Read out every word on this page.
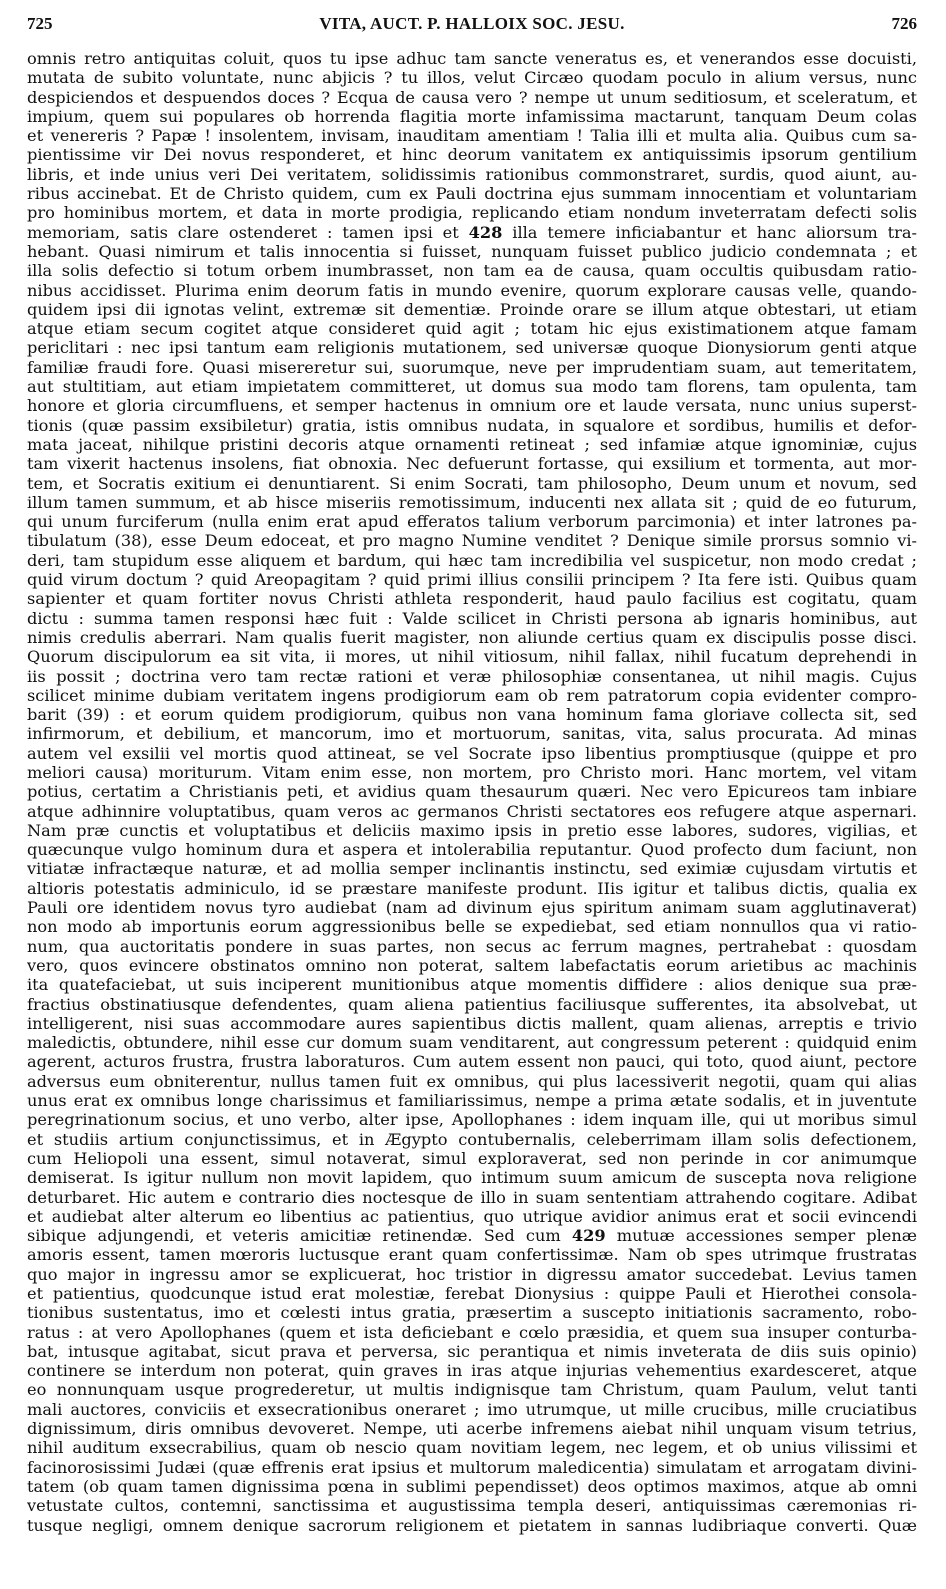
725	VITA, AUCT. P. HALLOIX SOC. JESU.	726
omnis retro antiquitas coluit, quos tu ipse adhuc tam sancte veneratus es, et venerandos esse docuisti,
mutata de subito voluntate, nunc abjicis ? tu illos, velut Circæo quodam poculo in alium versus, nunc
despiciendos et despuendos doces ? Ecqua de causa vero ? nempe ut unum seditiosum, et sceleratum, et
impium, quem sui populares ob horrenda flagitia morte infamissima mactarunt, tanquam Deum colas
et venereris ? Papæ ! insolentem, invisam, inauditam amentiam ! Talia illi et multa alia. Quibus cum sa-
pientissime vir Dei novus responderet, et hinc deorum vanitatem ex antiquissimis ipsorum gentilium
libris, et inde unius veri Dei veritatem, solidissimis rationibus commonstraret, surdis, quod aiunt, au-
ribus accinebat. Et de Christo quidem, cum ex Pauli doctrina ejus summam innocentiam et voluntariam
pro hominibus mortem, et data in morte prodigia, replicando etiam nondum inveterratam defecti solis
memoriam, satis clare ostenderet : tamen ipsi et 428 illa temere inficiabantur et hanc aliorsum tra-
hebant. Quasi nimirum et talis innocentia si fuisset, nunquam fuisset publico judicio condemnata ; et
illa solis defectio si totum orbem inumbrasset, non tam ea de causa, quam occultis quibusdam ratio-
nibus accidisset. Plurima enim deorum fatis in mundo evenire, quorum explorare causas velle, quando-
quidem ipsi dii ignotas velint, extremæ sit dementiæ. Proinde orare se illum atque obtestari, ut etiam
atque etiam secum cogitet atque consideret quid agit ; totam hic ejus existimationem atque famam
periclitari : nec ipsi tantum eam religionis mutationem, sed universæ quoque Dionysiorum genti atque
familiæ fraudi fore. Quasi misereretur sui, suorumque, neve per imprudentiam suam, aut temeritatem,
aut stultitiam, aut etiam impietatem committeret, ut domus sua modo tam florens, tam opulenta, tam
honore et gloria circumfluens, et semper hactenus in omnium ore et laude versata, nunc unius superst-
tionis (quæ passim exsibiletur) gratia, istis omnibus nudata, in squalore et sordibus, humilis et defor-
mata jaceat, nihilque pristini decoris atque ornamenti retineat ; sed infamiæ atque ignominiæ, cujus
tam vixerit hactenus insolens, fiat obnoxia. Nec defuerunt fortasse, qui exsilium et tormenta, aut mor-
tem, et Socratis exitium ei denuntiarent. Si enim Socrati, tam philosopho, Deum unum et novum, sed
illum tamen summum, et ab hisce miseriis remotissimum, inducenti nex allata sit ; quid de eo futurum,
qui unum furciferum (nulla enim erat apud efferatos talium verborum parcimonia) et inter latrones pa-
tibulatum (38), esse Deum edoceat, et pro magno Numine venditet ? Denique simile prorsus somnio vi-
deri, tam stupidum esse aliquem et bardum, qui hæc tam incredibilia vel suspicetur, non modo credat ;
quid virum doctum ? quid Areopagitam ? quid primi illius consilii principem ? Ita fere isti. Quibus quam
sapienter et quam fortiter novus Christi athleta responderit, haud paulo facilius est cogitatu, quam
dictu : summa tamen responsi hæc fuit : Valde scilicet in Christi persona ab ignaris hominibus, aut
nimis credulis aberrari. Nam qualis fuerit magister, non aliunde certius quam ex discipulis posse disci.
Quorum discipulorum ea sit vita, ii mores, ut nihil vitiosum, nihil fallax, nihil fucatum deprehendi in
iis possit ; doctrina vero tam rectæ rationi et veræ philosophiæ consentanea, ut nihil magis. Cujus
scilicet minime dubiam veritatem ingens prodigiorum eam ob rem patratorum copia evidenter compro-
barit (39) : et eorum quidem prodigiorum, quibus non vana hominum fama gloriave collecta sit, sed
infirmorum, et debilium, et mancorum, imo et mortuorum, sanitas, vita, salus procurata. Ad minas
autem vel exsilii vel mortis quod attineat, se vel Socrate ipso libentius promptiusque (quippe et pro
meliori causa) moriturum. Vitam enim esse, non mortem, pro Christo mori. Hanc mortem, vel vitam
potius, certatim a Christianis peti, et avidius quam thesaurum quæri. Nec vero Epicureos tam inbiare
atque adhinnire voluptatibus, quam veros ac germanos Christi sectatores eos refugere atque aspernari.
Nam præ cunctis et voluptatibus et deliciis maximo ipsis in pretio esse labores, sudores, vigilias, et
quæcunque vulgo hominum dura et aspera et intolerabilia reputantur. Quod profecto dum faciunt, non
vitiatæ infractæque naturæ, et ad mollia semper inclinantis instinctu, sed eximiæ cujusdam virtutis et
altioris potestatis adminiculo, id se præstare manifeste produnt. IIis igitur et talibus dictis, qualia ex
Pauli ore identidem novus tyro audiebat (nam ad divinum ejus spiritum animam suam agglutinaverat)
non modo ab importunis eorum aggressionibus belle se expediebat, sed etiam nonnullos qua vi ratio-
num, qua auctoritatis pondere in suas partes, non secus ac ferrum magnes, pertrahebat : quosdam
vero, quos evincere obstinatos omnino non poterat, saltem labefactatis eorum arietibus ac machinis
ita quatefaciebat, ut suis inciperent munitionibus atque momentis diffidere : alios denique sua præ-
fractius obstinatiusque defendentes, quam aliena patientius faciliusque sufferentes, ita absolvebat, ut
intelligerent, nisi suas accommodare aures sapientibus dictis mallent, quam alienas, arreptis e trivio
maledictis, obtundere, nihil esse cur domum suam venditarent, aut congressum peterent : quidquid enim
agerent, acturos frustra, frustra laboraturos. Cum autem essent non pauci, qui toto, quod aiunt, pectore
adversus eum obniterentur, nullus tamen fuit ex omnibus, qui plus lacessiverit negotii, quam qui alias
unus erat ex omnibus longe charissimus et familiarissimus, nempe a prima ætate sodalis, et in juventute
peregrinationum socius, et uno verbo, alter ipse, Apollophanes : idem inquam ille, qui ut moribus simul
et studiis artium conjunctissimus, et in Ægypto contubernalis, celeberrimam illam solis defectionem,
cum Heliopoli una essent, simul notaverat, simul exploraverat, sed non perinde in cor animumque
demiserat. Is igitur nullum non movit lapidem, quo intimum suum amicum de suscepta nova religione
deturbaret. Hic autem e contrario dies noctesque de illo in suam sententiam attrahendo cogitare. Adibat
et audiebat alter alterum eo libentius ac patientius, quo utrique avidior animus erat et socii evincendi
sibique adjungendi, et veteris amicitiæ retinendæ. Sed cum 429 mutuæ accessiones semper plenæ
amoris essent, tamen mœroris luctusque erant quam confertissimæ. Nam ob spes utrimque frustratas
quo major in ingressu amor se explicuerat, hoc tristior in digressu amator succedebat. Levius tamen
et patientius, quodcunque istud erat molestiæ, ferebat Dionysius : quippe Pauli et Hierothei consola-
tionibus sustentatus, imo et cœlesti intus gratia, præsertim a suscepto initiationis sacramento, robo-
ratus : at vero Apollophanes (quem et ista deficiebant e cœlo præsidia, et quem sua insuper conturba-
bat, intusque agitabat, sicut prava et perversa, sic perantiqua et nimis inveterata de diis suis opinio)
continere se interdum non poterat, quin graves in iras atque injurias vehementius exardesceret, atque
eo nonnunquam usque progrederetur, ut multis indignisque tam Christum, quam Paulum, velut tanti
mali auctores, conviciis et exsecrationibus oneraret ; imo utrumque, ut mille crucibus, mille cruciatibus
dignissimum, diris omnibus devoveret. Nempe, uti acerbe infremens aiebat nihil unquam visum tetrius,
nihil auditum exsecrabilius, quam ob nescio quam novitiam legem, nec legem, et ob unius vilissimi et
facinorosissimi Judæi (quæ effrenis erat ipsius et multorum maledicentia) simulatam et arrogatam divini-
tatem (ob quam tamen dignissima pœna in sublimi pependisset) deos optimos maximos, atque ab omni
vetustate cultos, contemni, sanctissima et augustissima templa deseri, antiquissimas cæremonias ri-
tusque negligi, omnem denique sacrorum religionem et pietatem in sannas ludibriaque converti. Quæ
